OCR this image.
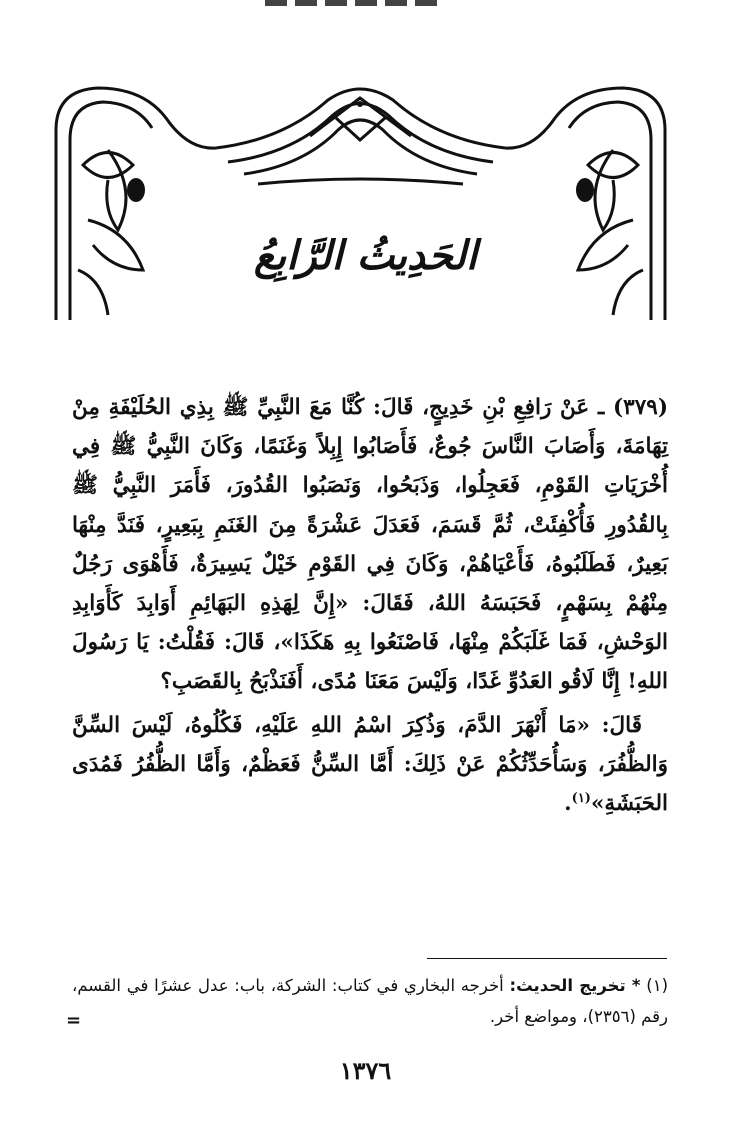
الحَدِيثُ الرَّابِعُ

(٣٧٩) ـ عَنْ رَافِعِ بْنِ خَدِيجٍ، قَالَ: كُنَّا مَعَ النَّبِيِّ ﷺ بِذِي الحُلَيْفَةِ مِنْ تِهَامَةَ، وَأَصَابَ النَّاسَ جُوعٌ، فَأَصَابُوا إِبِلاً وَغَنَمًا، وَكَانَ النَّبِيُّ ﷺ فِي أُخْرَيَاتِ القَوْمِ، فَعَجِلُوا، وَذَبَحُوا، وَنَصَبُوا القُدُورَ، فَأَمَرَ النَّبِيُّ ﷺ بِالقُدُورِ فَأُكْفِئَتْ، ثُمَّ قَسَمَ، فَعَدَلَ عَشْرَةً مِنَ الغَنَمِ بِبَعِيرٍ، فَنَدَّ مِنْهَا بَعِيرٌ، فَطَلَبُوهُ، فَأَعْيَاهُمْ، وَكَانَ فِي القَوْمِ خَيْلٌ يَسِيرَةٌ، فَأَهْوَى رَجُلٌ مِنْهُمْ بِسَهْمٍ، فَحَبَسَهُ اللهُ، فَقَالَ: «إِنَّ لِهَذِهِ البَهَائِمِ أَوَابِدَ كَأَوَابِدِ الوَحْشِ، فَمَا غَلَبَكُمْ مِنْهَا، فَاصْنَعُوا بِهِ هَكَذَا»، قَالَ: فَقُلْتُ: يَا رَسُولَ اللهِ! إِنَّا لَاقُو العَدُوِّ غَدًا، وَلَيْسَ مَعَنَا مُدًى، أَفَنَذْبَحُ بِالقَصَبِ؟

قَالَ: «مَا أَنْهَرَ الدَّمَ، وَذُكِرَ اسْمُ اللهِ عَلَيْهِ، فَكُلُوهُ، لَيْسَ السِّنَّ وَالظُّفُرَ، وَسَأُحَدِّثُكُمْ عَنْ ذَلِكَ: أَمَّا السِّنُّ فَعَظْمٌ، وَأَمَّا الظُّفُرُ فَمُدَى الحَبَشَةِ»$^{(١)}$.

(١) * تخريج الحديث: أخرجه البخاري في كتاب: الشركة، باب: عدل عشرًا في القسم، رقم (٢٣٥٦)، ومواضع أخر.

=
١٣٧٦
